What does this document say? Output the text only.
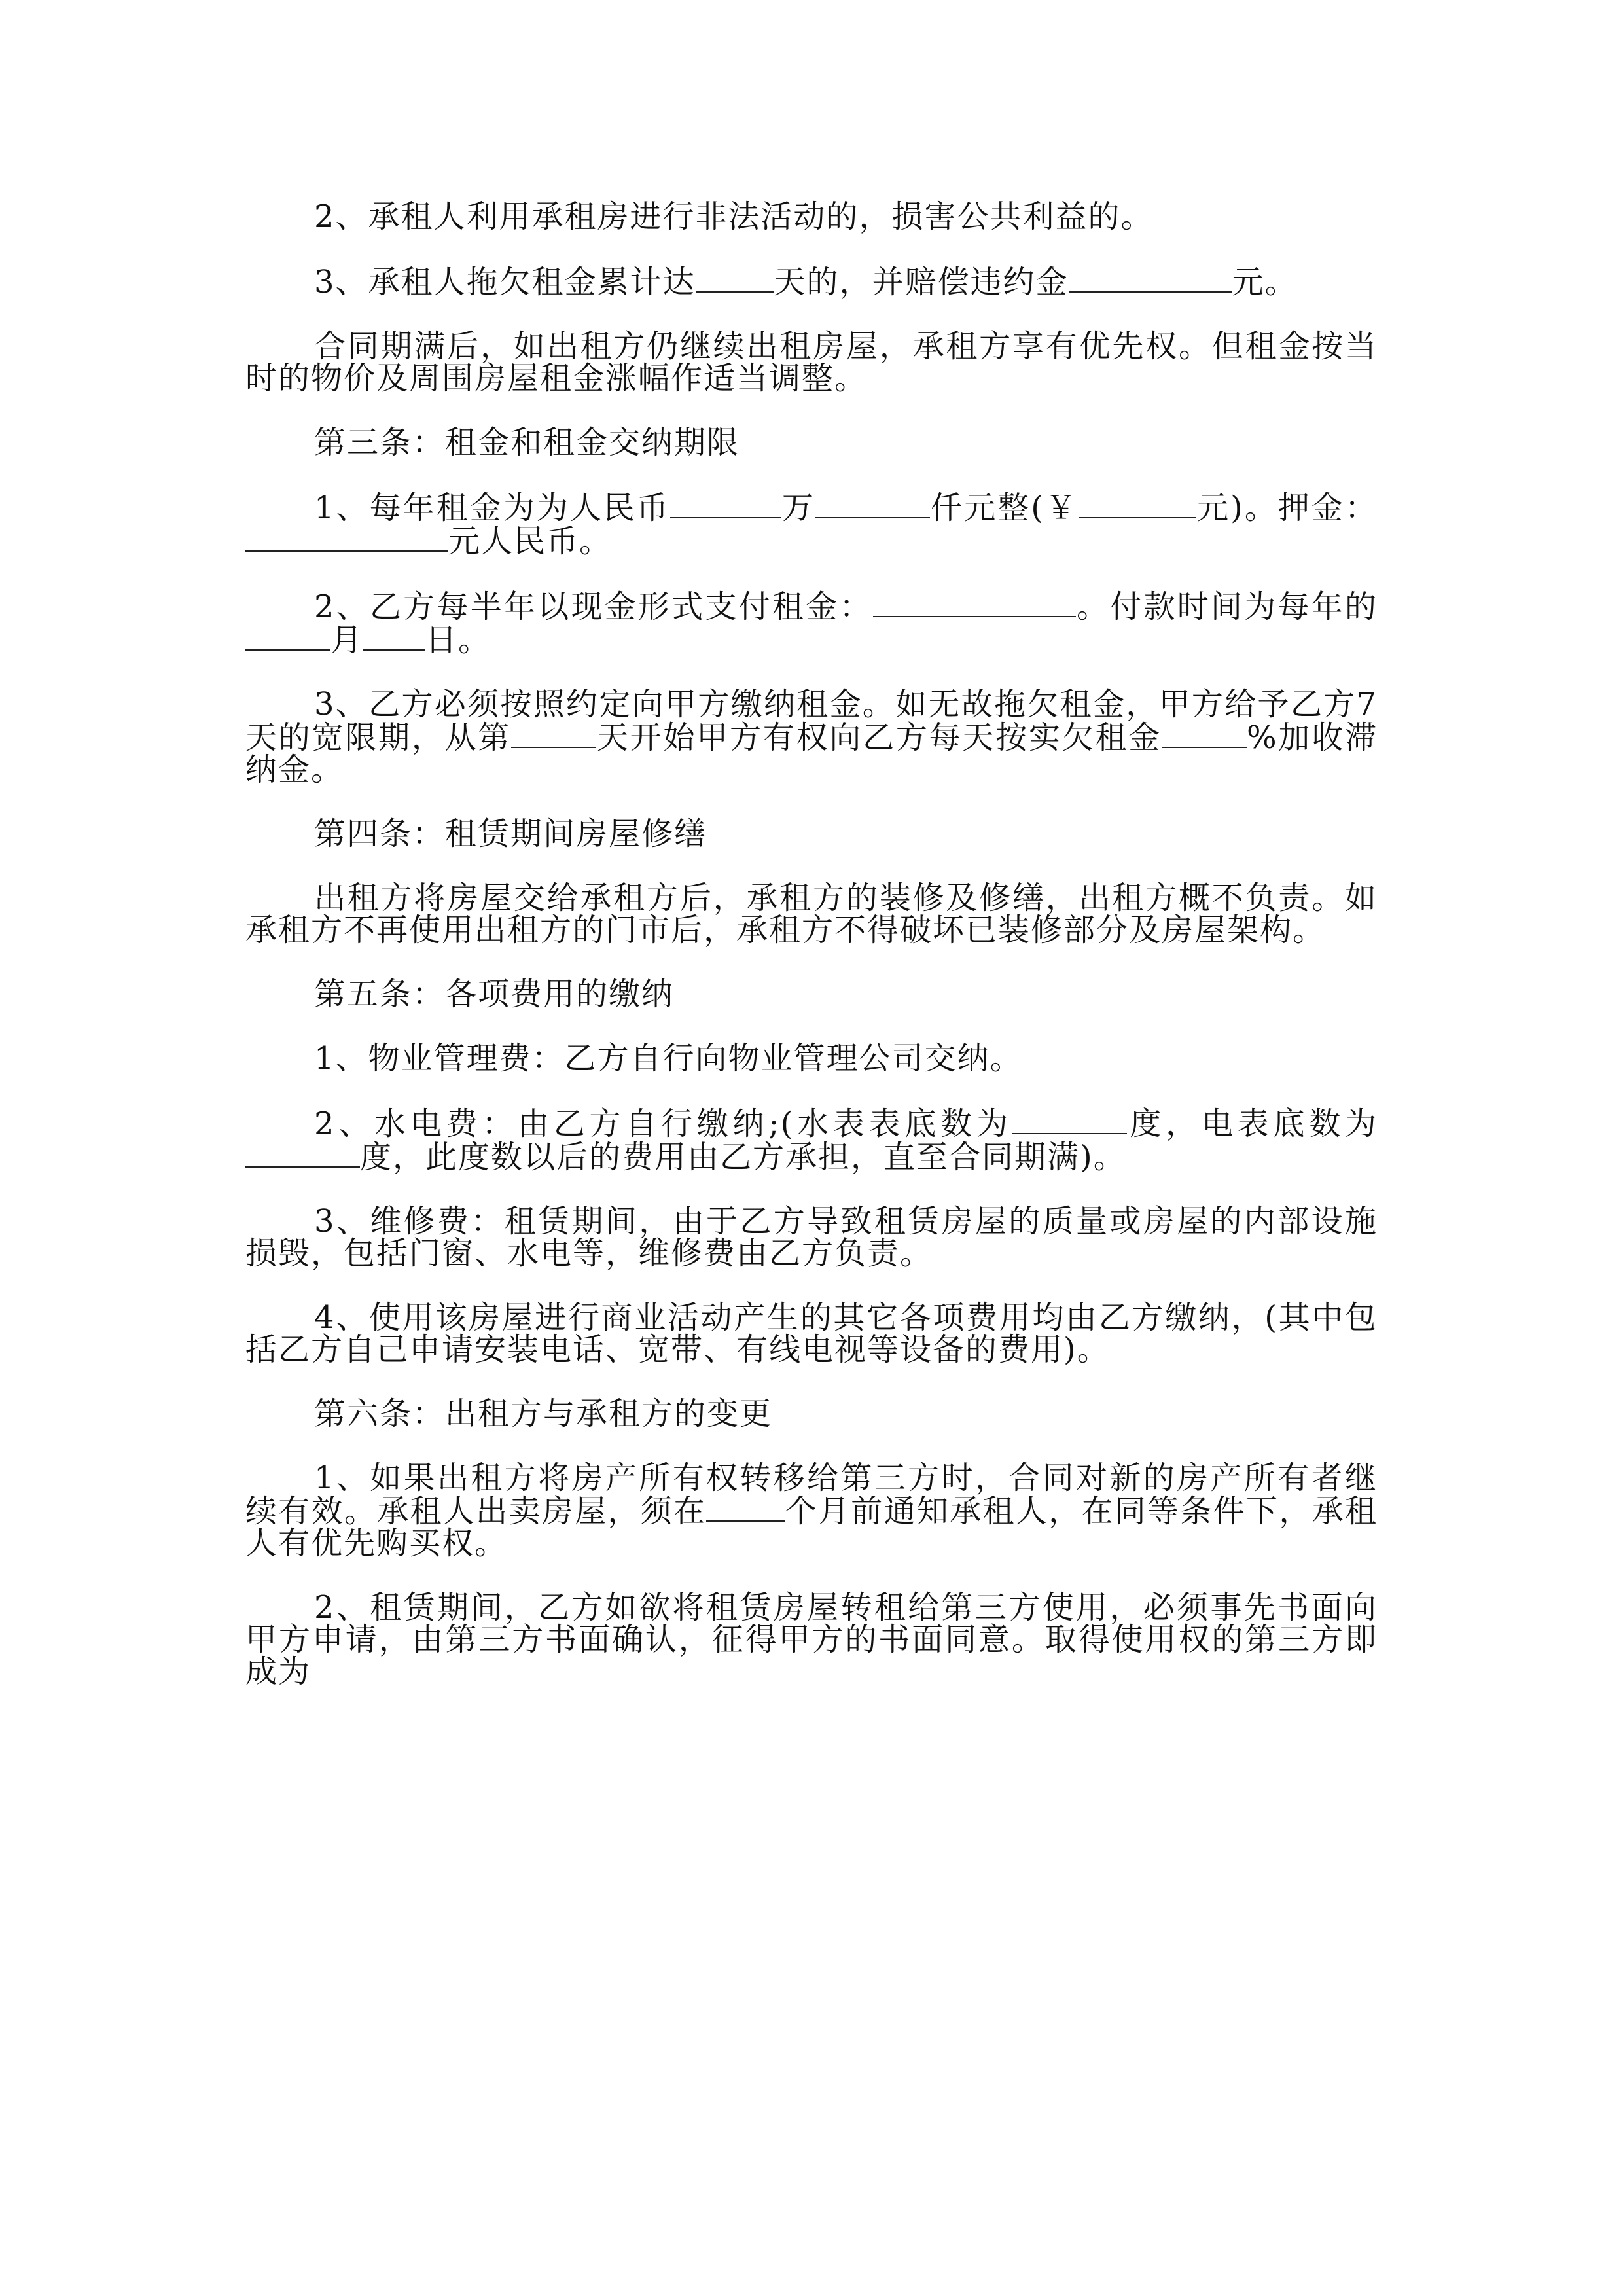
2、承租人利用承租房进行非法活动的，损害公共利益的。

3、承租人拖欠租金累计达	天的，并赔偿违约金	元。

合同期满后，如出租方仍继续出租房屋，承租方享有优先权。但租金按当时的物价及周围房屋租金涨幅作适当调整。

第三条：租金和租金交纳期限

1、每年租金为为人民币	万	仟元整(￥	元)。押金：元人民币。

2、乙方每半年以现金形式支付租金：	。付款时间为每年的月 日。

3、乙方必须按照约定向甲方缴纳租金。如无故拖欠租金，甲方给予乙方7天的宽限期，从第	天开始甲方有权向乙方每天按实欠租金	%加收滞纳金。

第四条：租赁期间房屋修缮

出租方将房屋交给承租方后，承租方的装修及修缮，出租方概不负责。如承租方不再使用出租方的门市后，承租方不得破坏已装修部分及房屋架构。

第五条：各项费用的缴纳

1、物业管理费：乙方自行向物业管理公司交纳。

2、水电费：由乙方自行缴纳;(水表表底数为	度，电表底数为度，此度数以后的费用由乙方承担，直至合同期满)。

3、维修费：租赁期间，由于乙方导致租赁房屋的质量或房屋的内部设施损毁，包括门窗、水电等，维修费由乙方负责。

4、使用该房屋进行商业活动产生的其它各项费用均由乙方缴纳，(其中包括乙方自己申请安装电话、宽带、有线电视等设备的费用)。

第六条：出租方与承租方的变更

1、如果出租方将房产所有权转移给第三方时，合同对新的房产所有者继续有效。承租人出卖房屋，须在	个月前通知承租人，在同等条件下，承租人有优先购买权。

2、租赁期间，乙方如欲将租赁房屋转租给第三方使用，必须事先书面向甲方申请，由第三方书面确认，征得甲方的书面同意。取得使用权的第三方即成为
